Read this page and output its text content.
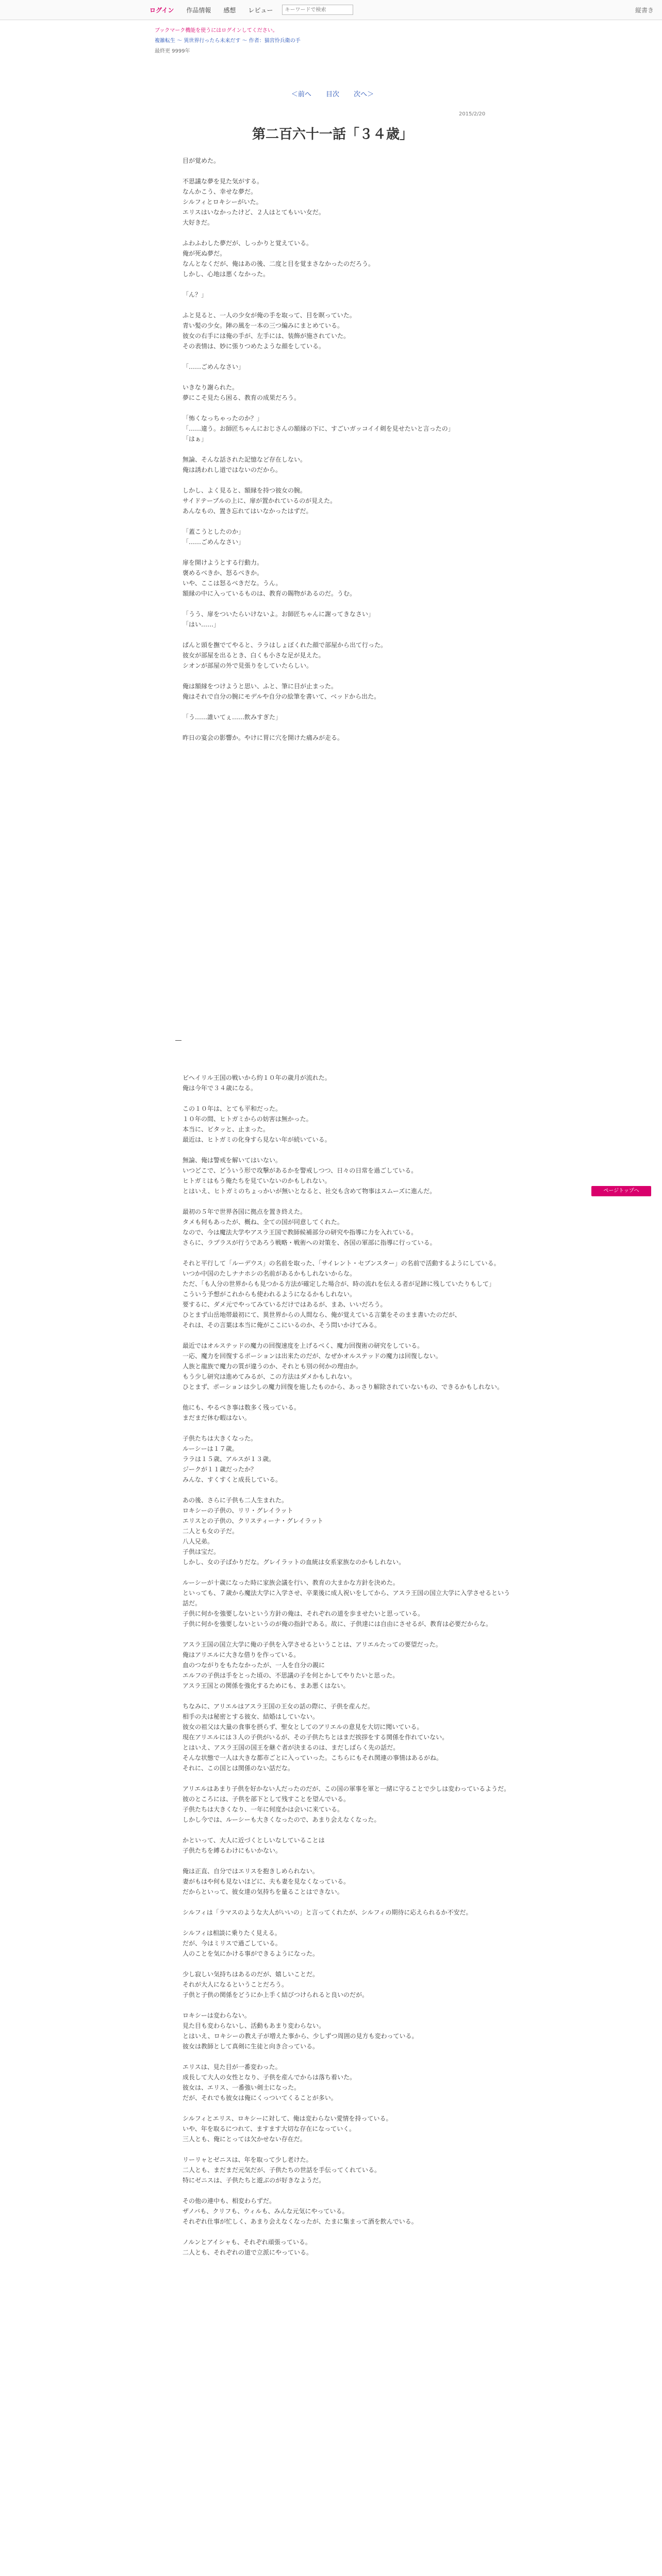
ログイン	作品情報	感想	レビュー
キーワードで検索	縦書き
ブックマーク機能を使うにはログインしてください。
複雑転生 ～ 異世界行ったら未来だす ～ 作者：猫宮怜兵衛の手
最終更 9999年
＜前へ 目次 次へ＞
2015/2/20
第二百六十一話「３４歳」

目が覚めた。

不思議な夢を見た気がする。
なんかこう、幸せな夢だ。
シルフィとロキシーがいた。
エリスはいなかったけど、２人はとてもいい女だ。
大好きだ。

ふわふわした夢だが、しっかりと覚えている。
俺が死ぬ夢だ。
なんとなくだが、俺はあの後、二度と目を覚まさなかったのだろう。
しかし、心地は悪くなかった。

「ん？」

ふと見ると、一人の少女が俺の手を取って、目を瞑っていた。
青い髪の少女。陣の風を一本の三つ編みにまとめている。
彼女の右手には俺の手が、左手には、装飾が施されていた。
その表情は、妙に張りつめたような顔をしている。

「……ごめんなさい」

いきなり謝られた。
夢にこそ見たら困る、教育の成果だろう。

「怖くなっちゃったのか？」
「……違う。お師匠ちゃんにおじさんの額縁の下に、すごいガッコイイ剣を見せたいと言ったの」
「はぁ」

無論、そんな話された記憶など存在しない。
俺は誘われし道ではないのだから。

しかし、よく見ると、額縁を持つ彼女の腕。
サイドテーブルの上に、扉が置かれているのが見えた。
あんなもの、置き忘れてはいなかったはずだ。

「蓋こうとしたのか」
「……ごめんなさい」

扉を開けようとする行動力。
褒めるべきか、怒るべきか。
いや、ここは怒るべきだな。うん。
額縁の中に入っているものは、教育の賜物があるのだ。うむ。

「うう、扉をついたらいけないよ。お師匠ちゃんに謝ってきなさい」
「はい……」

ぱんと頭を撫でてやると、ララはしょぼくれた顔で部屋から出て行った。
彼女が部屋を出るとき、白くも小さな足が見えた。
シオンが部屋の外で見張りをしていたらしい。

俺は額縁をつけようと思い、ふと、筆に目が止まった。
俺はそれで自分の腕にモデルや自分の絵筆を書いて、ベッドから出た。

「う……誰いてぇ……飲みすぎた」

昨日の宴会の影響か。やけに胃に穴を開けた痛みが走る。

―

ビヘイリル王国の戦いから約１０年の歳月が流れた。
俺は今年で３４歳になる。

この１０年は、とても平和だった。
１０年の間、ヒトガミからの妨害は無かった。
本当に、ビタッと、止まった。
最近は、ヒトガミの化身すら見ない年が続いている。

無論、俺は警戒を解いてはいない。
いつどこで、どういう形で攻撃があるかを警戒しつつ、日々の日常を過ごしている。
ヒトガミはもう俺たちを見ていないのかもしれない。
とはいえ、ヒトガミのちょっかいが無いとなると、社交も含めて物事はスムーズに進んだ。

最初の５年で世界各国に拠点を置き終えた。
タメも何もあったが、概ね、全ての国が同意してくれた。
なので、今は魔法大学やアスラ王国で教師候補部分の研究や指導に力を入れている。
さらに、ラプラスが行うであろう戦略・戦術への対策を、各国の軍部に指導に行っている。

それと平行して「ルーデウス」の名前を取った、「サイレント・セブンスター」の名前で活動するようにしている。
いつか中国のたしナナホシの名前があるかもしれないからな。
ただ、「も人分の世界からも見つかる方法が確定した場合が、時の流れを伝える者が足跡に残していたりもして」
こういう予想がこれからも使われるようになるかもしれない。
要するに、ダメ元でやってみているだけではあるが、まあ、いいだろう。
ひとまず山岳地帯最初にて、異世界からの人間なら、俺が覚えている言葉をそのまま書いたのだが、
それは、その言葉は本当に俺がここにいるのか、そう問いかけてみる。

最近ではオルステッドの魔力の回復速度を上げるべく、魔力回復術の研究をしている。
一応、魔力を回復するポーションは出来たのだが、なぜかオルステッドの魔力は回復しない。
人族と龍族で魔力の質が違うのか、それとも別の何かの理由か。
もう少し研究は進めてみるが、この方法はダメかもしれない。
ひとまず、ポーションは少しの魔力回復を施したものから、あっさり解除されていないもの、できるかもしれない。

他にも、やるべき事は数多く残っている。
まだまだ休む暇はない。

子供たちは大きくなった。
ルーシーは１７歳。
ララは１５歳、アルスが１３歳。
ジークが１１歳だったか？
みんな、すくすくと成長している。

あの後、さらに子供も二人生まれた。
ロキシーの子供の、リリ・グレイラット
エリスとの子供の、クリスティーナ・グレイラット
二人とも女の子だ。
八人兄弟。
子供は宝だ。
しかし、女の子ばかりだな。グレイラットの血統は女系家族なのかもしれない。

ルーシーが十歳になった時に家族会議を行い、教育の大まかな方針を決めた。
といっても、７歳から魔法大学に入学させ、卒業後に成人祝いをしてから、アスラ王国の国立大学に入学させるという話だ。
子供に何かを強要しないという方針の俺は、それぞれの道を歩ませたいと思っている。
子供に何かを強要しないというのが俺の指針である。故に、子供達には自由にさせるが、教育は必要だからな。

アスラ王国の国立大学に俺の子供を入学させるということは、アリエルたっての要望だった。
俺はアリエルに大きな借りを作っている。
血のつながりをもたなかったが、一人を自分の親に
エルフの子供は手をとった頃の、不思議の子を何とかしてやりたいと思った。
アスラ王国との関係を強化するためにも、まあ悪くはない。

ちなみに、アリエルはアスラ王国の王女の話の際に、子供を産んだ。
相手の夫は秘密とする彼女、結婚はしていない。
彼女の祖父は大量の食事を摂らず、聖女としてのアリエルの意見を大切に聞いている。
現在アリエルには３人の子供がいるが、その子供たちとはまだ挨拶をする関係を作れていない。
とはいえ、アスラ王国の国王を継ぐ者が決まるのは、まだしばらく先の話だ。
そんな状態で一人は大きな都市ごとに入っていった。こちらにもそれ関連の事情はあるがね。
それに、この国とは関係のない話だな。

アリエルはあまり子供を好かない人だったのだが、この国の軍事を軍と一緒に守ることで少しは変わっているようだ。
彼のところには、子供を部下として残すことを望んでいる。
子供たちは大きくなり、一年に何度かは会いに来ている。
しかし今では、ルーシーも大きくなったので、あまり会えなくなった。

かといって、大人に近づくとしいなしていることは
子供たちを縛るわけにもいかない。

俺は正直、自分ではエリスを抱きしめられない。
妻がもはや何も見ないほどに、夫も妻を見なくなっている。
だからといって、彼女達の気持ちを量ることはできない。

シルフィは「ラマスのような大人がいいの」と言ってくれたが、シルフィの期待に応えられるか不安だ。

シルフィは相談に乗りたく見える。
だが、今はミリスで過ごしている。
人のことを気にかける事ができるようになった。

少し寂しい気持ちはあるのだが、嬉しいことだ。
それが大人になるということだろう。
子供と子供の関係をどうにか上手く結びつけられると良いのだが。

ロキシーは変わらない。
見た目も変わらないし、活動もあまり変わらない。
とはいえ、ロキシーの教え子が増えた事から、少しずつ周囲の見方も変わっている。
彼女は教師として真剣に生徒と向き合っている。

エリスは、見た目が一番変わった。
成長して大人の女性となり、子供を産んでからは落ち着いた。
彼女は、エリス、一番強い剣士になった。
だが、それでも彼女は俺にくっついてくることが多い。

シルフィとエリス、ロキシーに対して、俺は変わらない愛情を持っている。
いや、年を取るにつれて、ますます大切な存在になっていく。
三人とも、俺にとっては欠かせない存在だ。

リーリャとゼニスは、年を取って少し老けた。
二人とも、まだまだ元気だが、子供たちの世話を手伝ってくれている。
特にゼニスは、子供たちと遊ぶのが好きなようだ。

その他の連中も、相変わらずだ。
ザノバも、クリフも、ウィルも、みんな元気にやっている。
それぞれ仕事が忙しく、あまり会えなくなったが、たまに集まって酒を飲んでいる。

ノルンとアイシャも、それぞれ頑張っている。
二人とも、それぞれの道で立派にやっている。

ページトップへ
